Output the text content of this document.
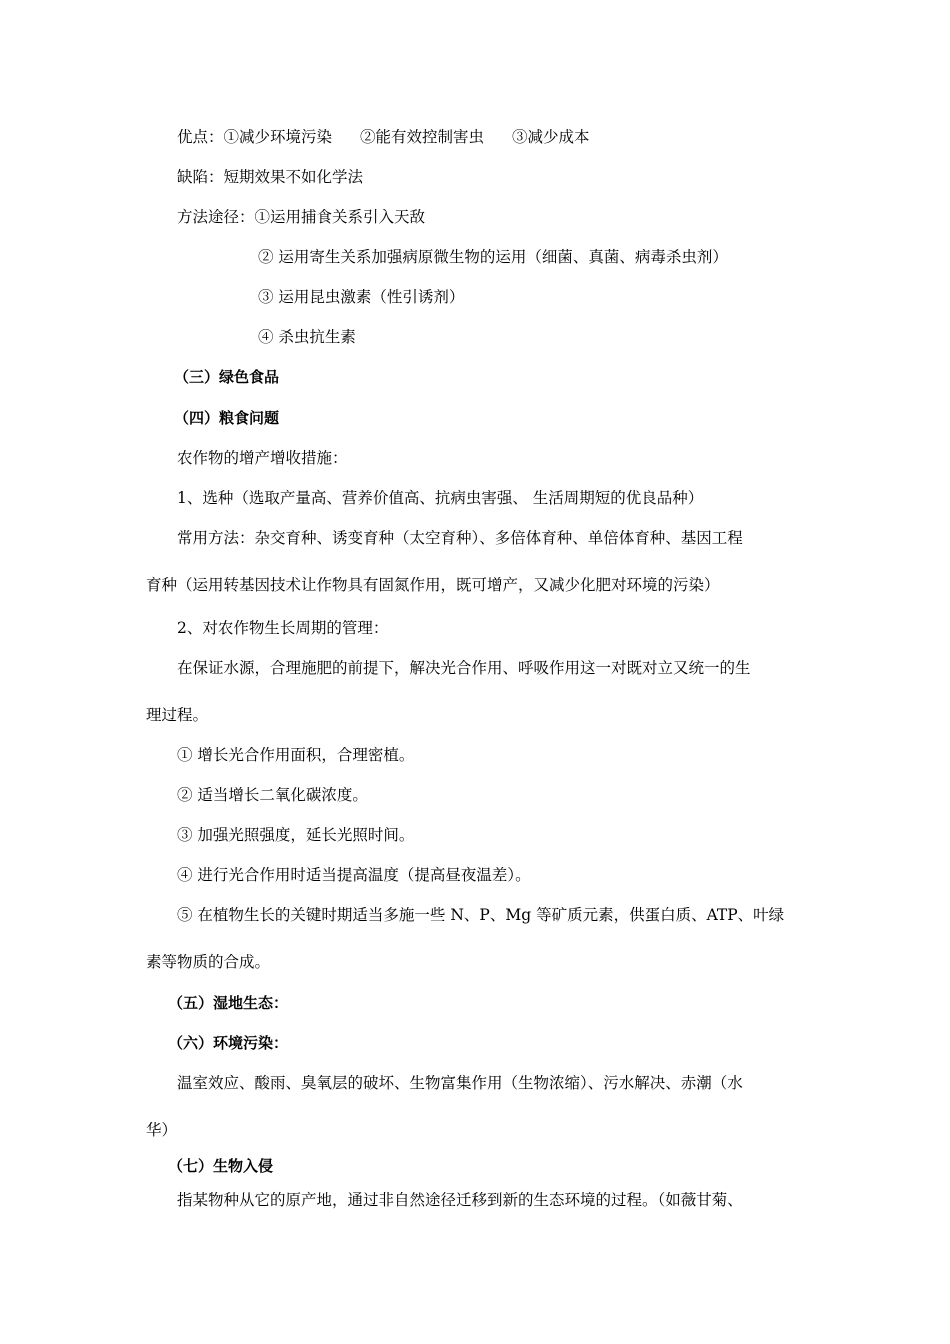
优点：①减少环境污染 ②能有效控制害虫 ③减少成本
缺陷：短期效果不如化学法
方法途径：①运用捕食关系引入天敌
② 运用寄生关系加强病原微生物的运用（细菌、真菌、病毒杀虫剂）
③ 运用昆虫激素（性引诱剂）
④ 杀虫抗生素
（三）绿色食品
（四）粮食问题
农作物的增产增收措施：
1、选种（选取产量高、营养价值高、抗病虫害强、 生活周期短的优良品种）
常用方法：杂交育种、诱变育种（太空育种）、多倍体育种、单倍体育种、基因工程
育种（运用转基因技术让作物具有固氮作用，既可增产，又减少化肥对环境的污染）
2、对农作物生长周期的管理：
在保证水源，合理施肥的前提下，解决光合作用、呼吸作用这一对既对立又统一的生
理过程。
① 增长光合作用面积，合理密植。
② 适当增长二氧化碳浓度。
③ 加强光照强度，延长光照时间。
④ 进行光合作用时适当提高温度（提高昼夜温差）。
⑤ 在植物生长的关键时期适当多施一些 N、P、Mg 等矿质元素，供蛋白质、ATP、叶绿
素等物质的合成。
（五）湿地生态：
（六）环境污染：
温室效应、酸雨、臭氧层的破坏、生物富集作用（生物浓缩）、污水解决、赤潮（水
华）
（七）生物入侵
指某物种从它的原产地，通过非自然途径迁移到新的生态环境的过程。（如薇甘菊、
